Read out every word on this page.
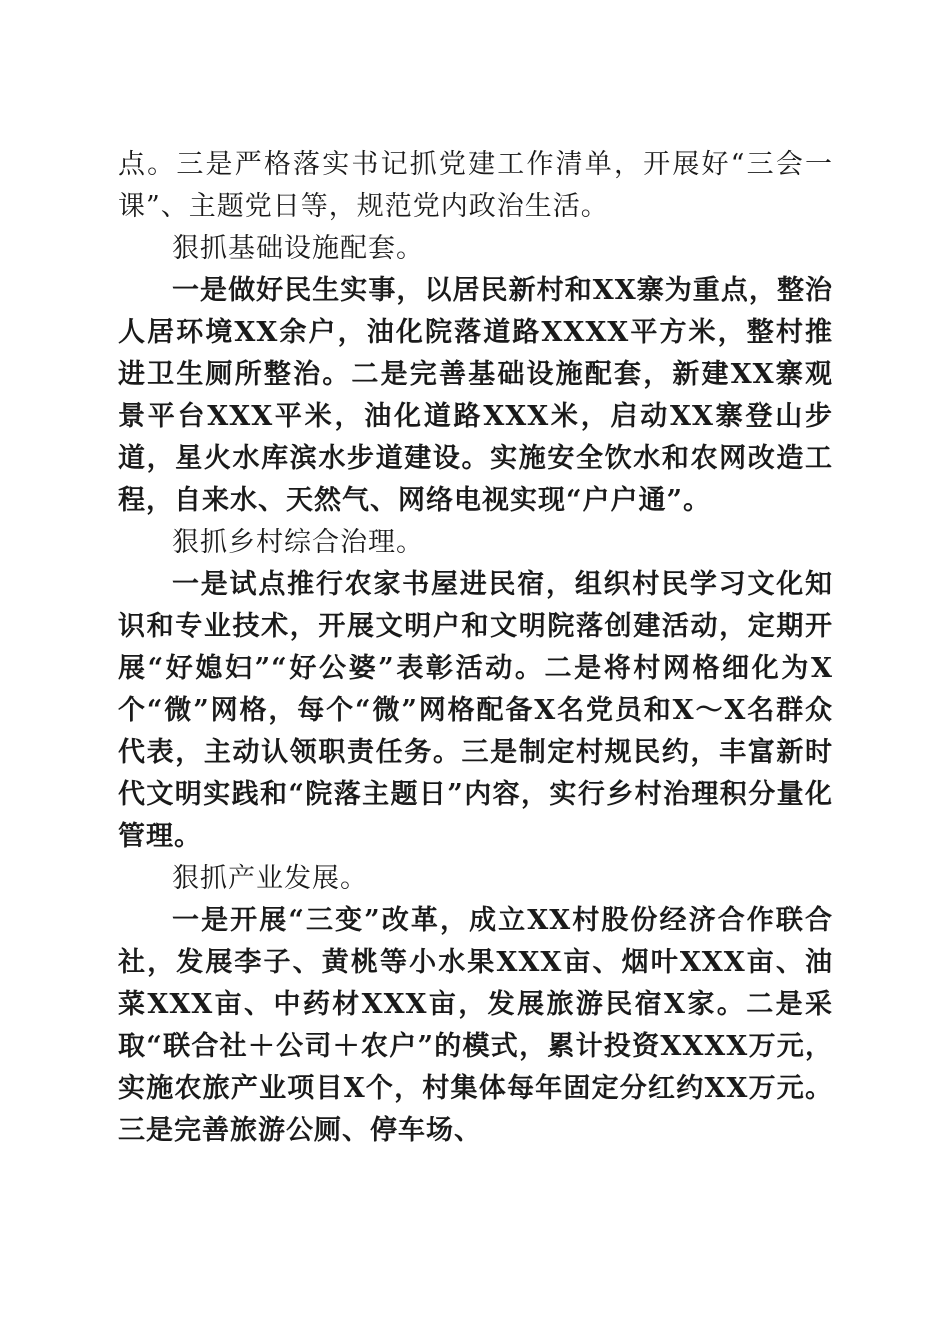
点。三是严格落实书记抓党建工作清单，开展好“三会一课”、主题党日等，规范党内政治生活。

狠抓基础设施配套。

一是做好民生实事，以居民新村和XX寨为重点，整治人居环境XX余户，油化院落道路XXXX平方米，整村推进卫生厕所整治。二是完善基础设施配套，新建XX寨观景平台XXX平米，油化道路XXX米，启动XX寨登山步道，星火水库滨水步道建设。实施安全饮水和农网改造工程，自来水、天然气、网络电视实现“户户通”。

狠抓乡村综合治理。

一是试点推行农家书屋进民宿，组织村民学习文化知识和专业技术，开展文明户和文明院落创建活动，定期开展“好媳妇”“好公婆”表彰活动。二是将村网格细化为X个“微”网格，每个“微”网格配备X名党员和X～X名群众代表，主动认领职责任务。三是制定村规民约，丰富新时代文明实践和“院落主题日”内容，实行乡村治理积分量化管理。

狠抓产业发展。

一是开展“三变”改革，成立XX村股份经济合作联合社，发展李子、黄桃等小水果XXX亩、烟叶XXX亩、油菜XXX亩、中药材XXX亩，发展旅游民宿X家。二是采取“联合社＋公司＋农户”的模式，累计投资XXXX万元，实施农旅产业项目X个，村集体每年固定分红约XX万元。三是完善旅游公厕、停车场、
